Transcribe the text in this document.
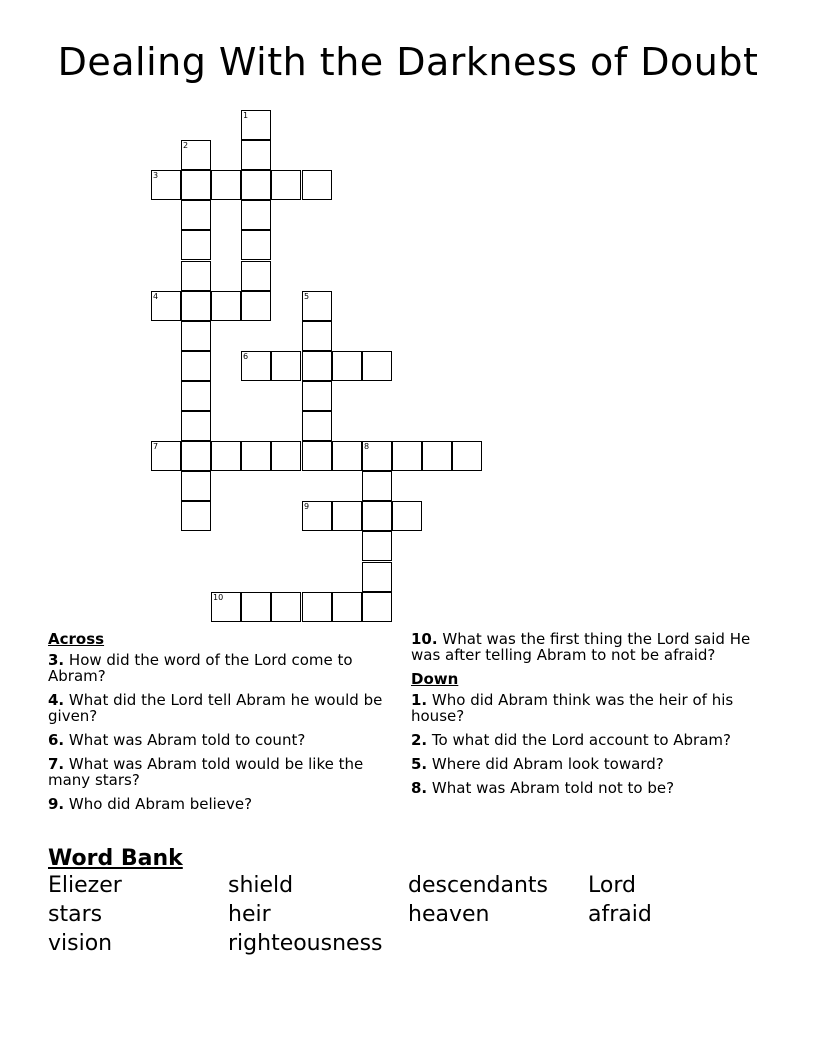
Dealing With the Darkness of Doubt
1
2
3
4	5
6
7	8
9
10
Across
3. How did the word of the Lord come to Abram?
4. What did the Lord tell Abram he would be given?
6. What was Abram told to count?
7. What was Abram told would be like the many stars?
9. Who did Abram believe?
10. What was the first thing the Lord said He was after telling Abram to not be afraid?
Down
1. Who did Abram think was the heir of his house?
2. To what did the Lord account to Abram?
5. Where did Abram look toward?
8. What was Abram told not to be?
Word Bank
Eliezer	shield	descendants	Lord
stars	heir	heaven	afraid
vision	righteousness
